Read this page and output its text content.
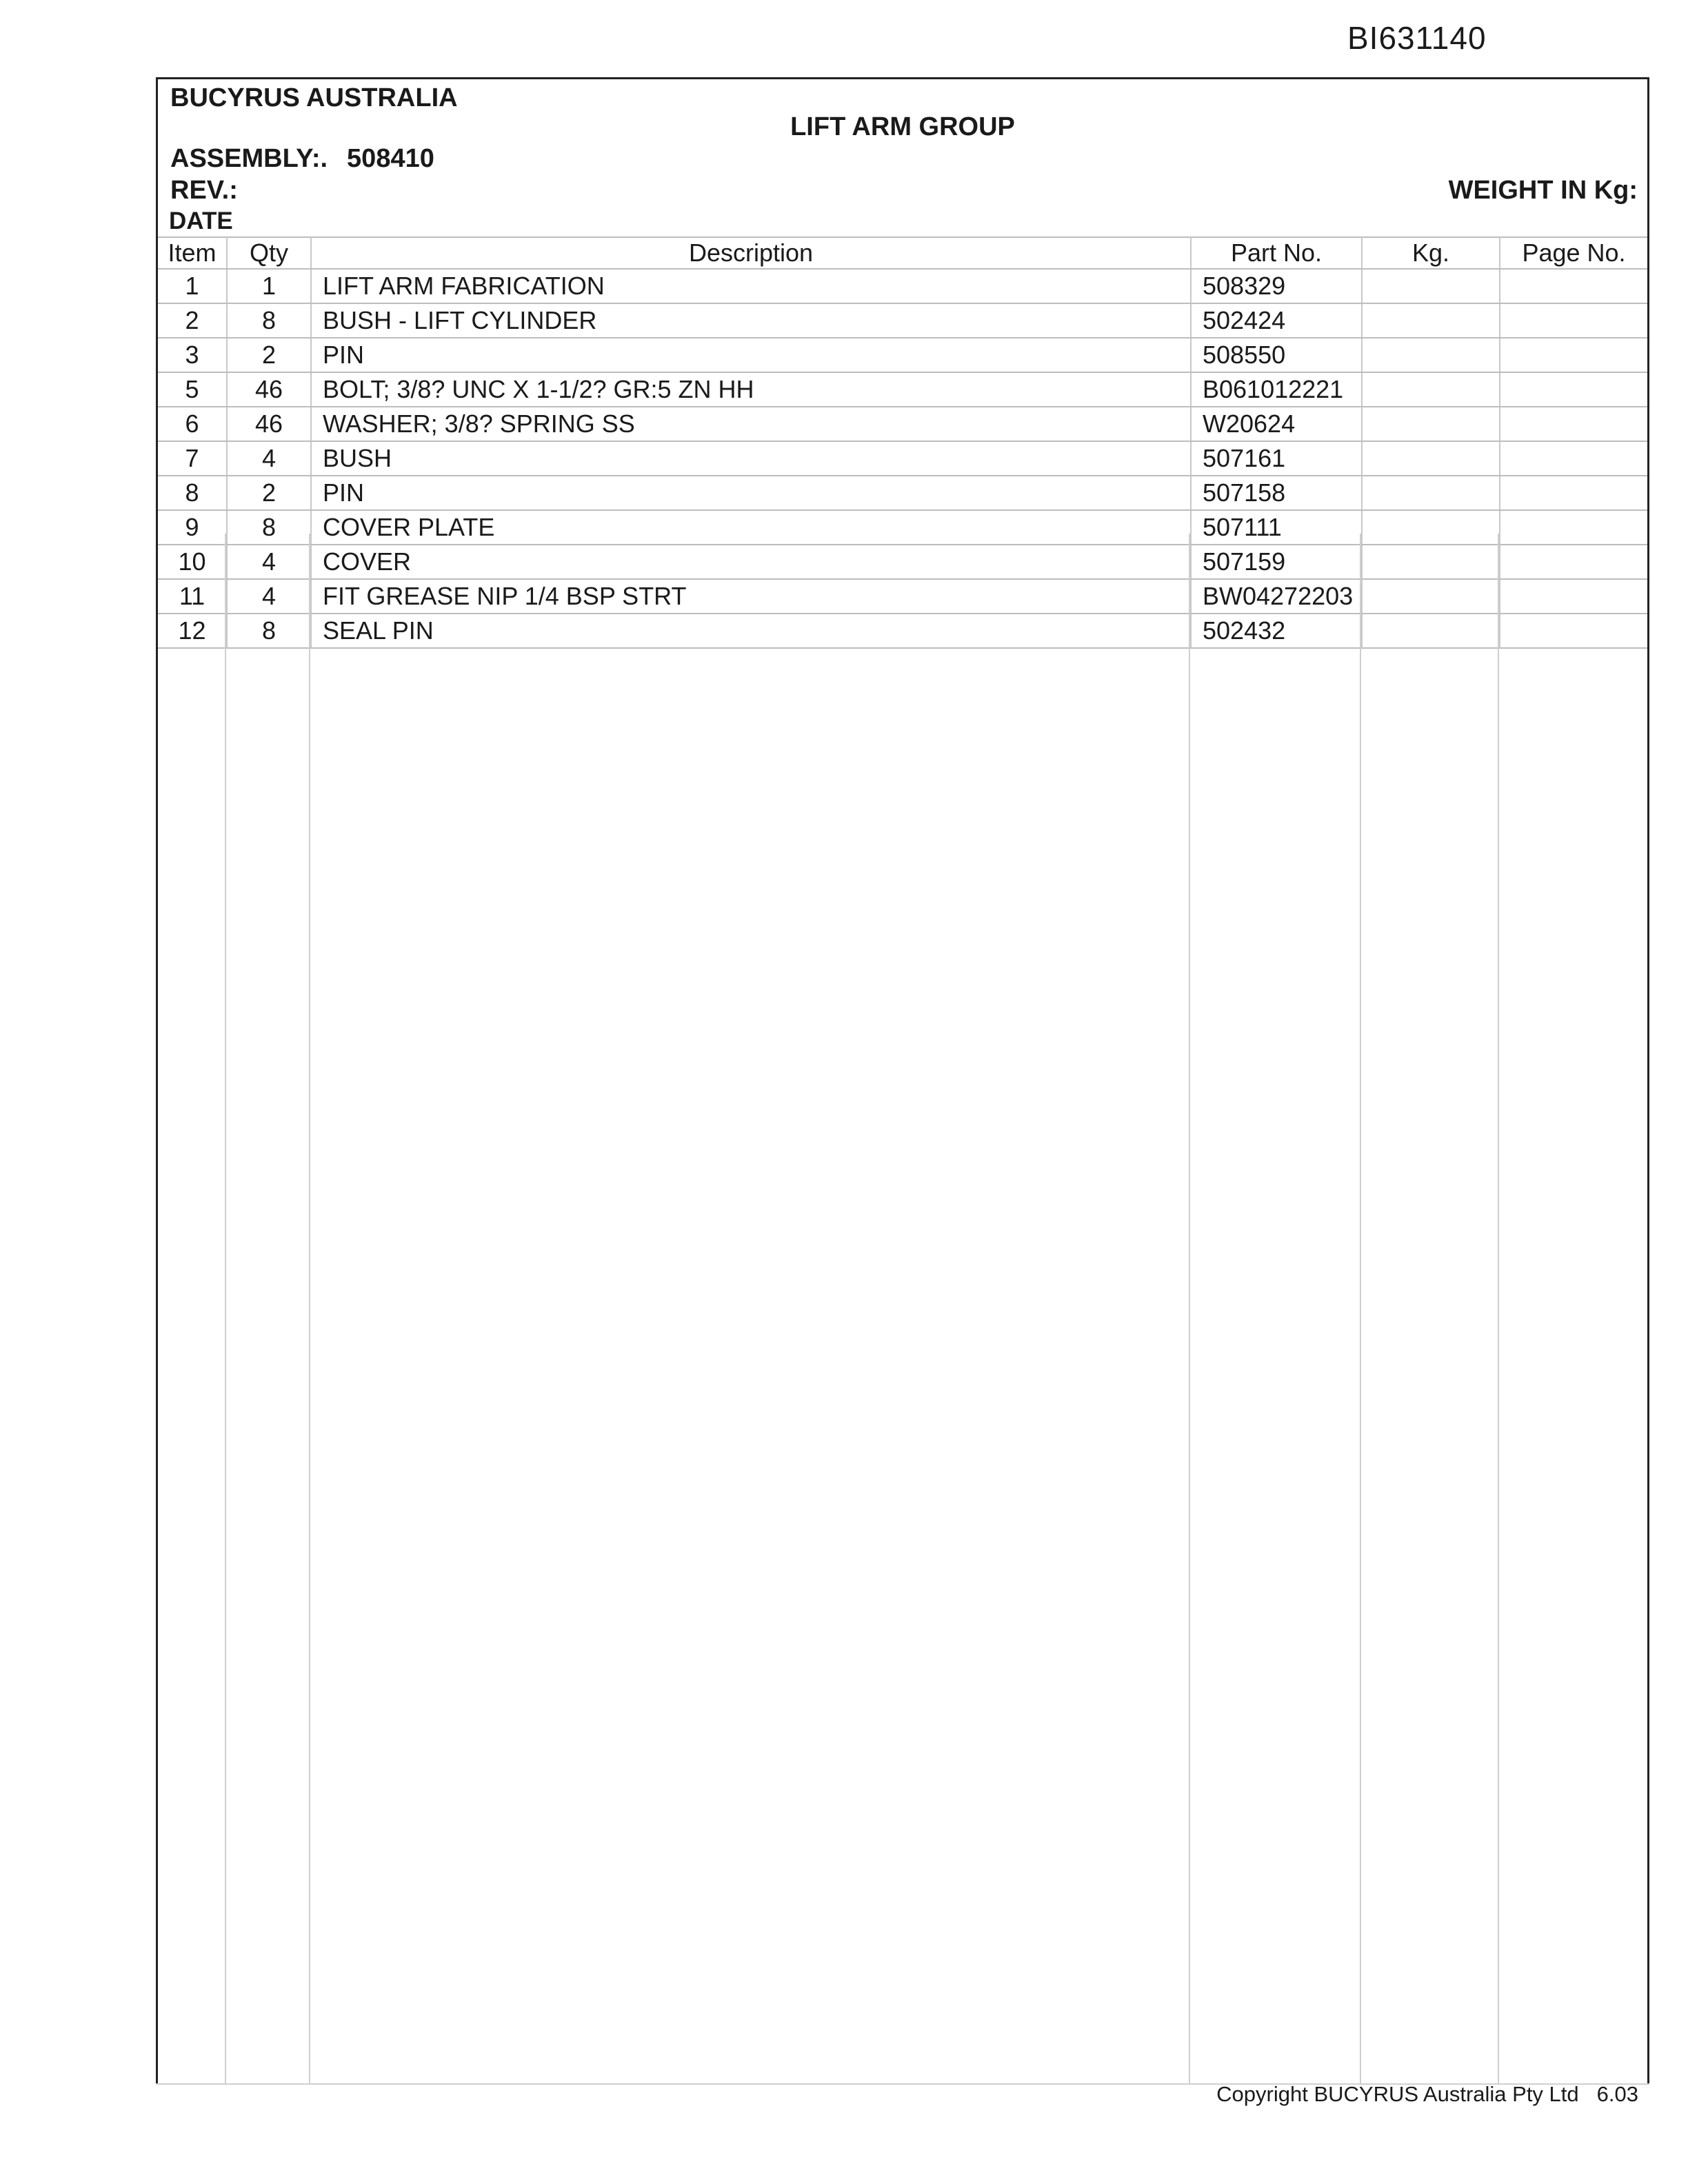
BI631140
BUCYRUS AUSTRALIA
LIFT ARM GROUP
ASSEMBLY:. 508410
REV.:	WEIGHT IN Kg:
DATE
Item	Qty	Description	Part No.	Kg.	Page No.
1	1	LIFT ARM FABRICATION	508329		
2	8	BUSH - LIFT CYLINDER	502424		
3	2	PIN	508550		
5	46	BOLT; 3/8? UNC X 1-1/2? GR:5 ZN HH	B061012221		
6	46	WASHER; 3/8? SPRING SS	W20624		
7	4	BUSH	507161		
8	2	PIN	507158		
9	8	COVER PLATE	507111		
10	4	COVER	507159		
11	4	FIT GREASE NIP 1/4 BSP STRT	BW04272203		
12	8	SEAL PIN	502432		
Copyright BUCYRUS Australia Pty Ltd 6.03
